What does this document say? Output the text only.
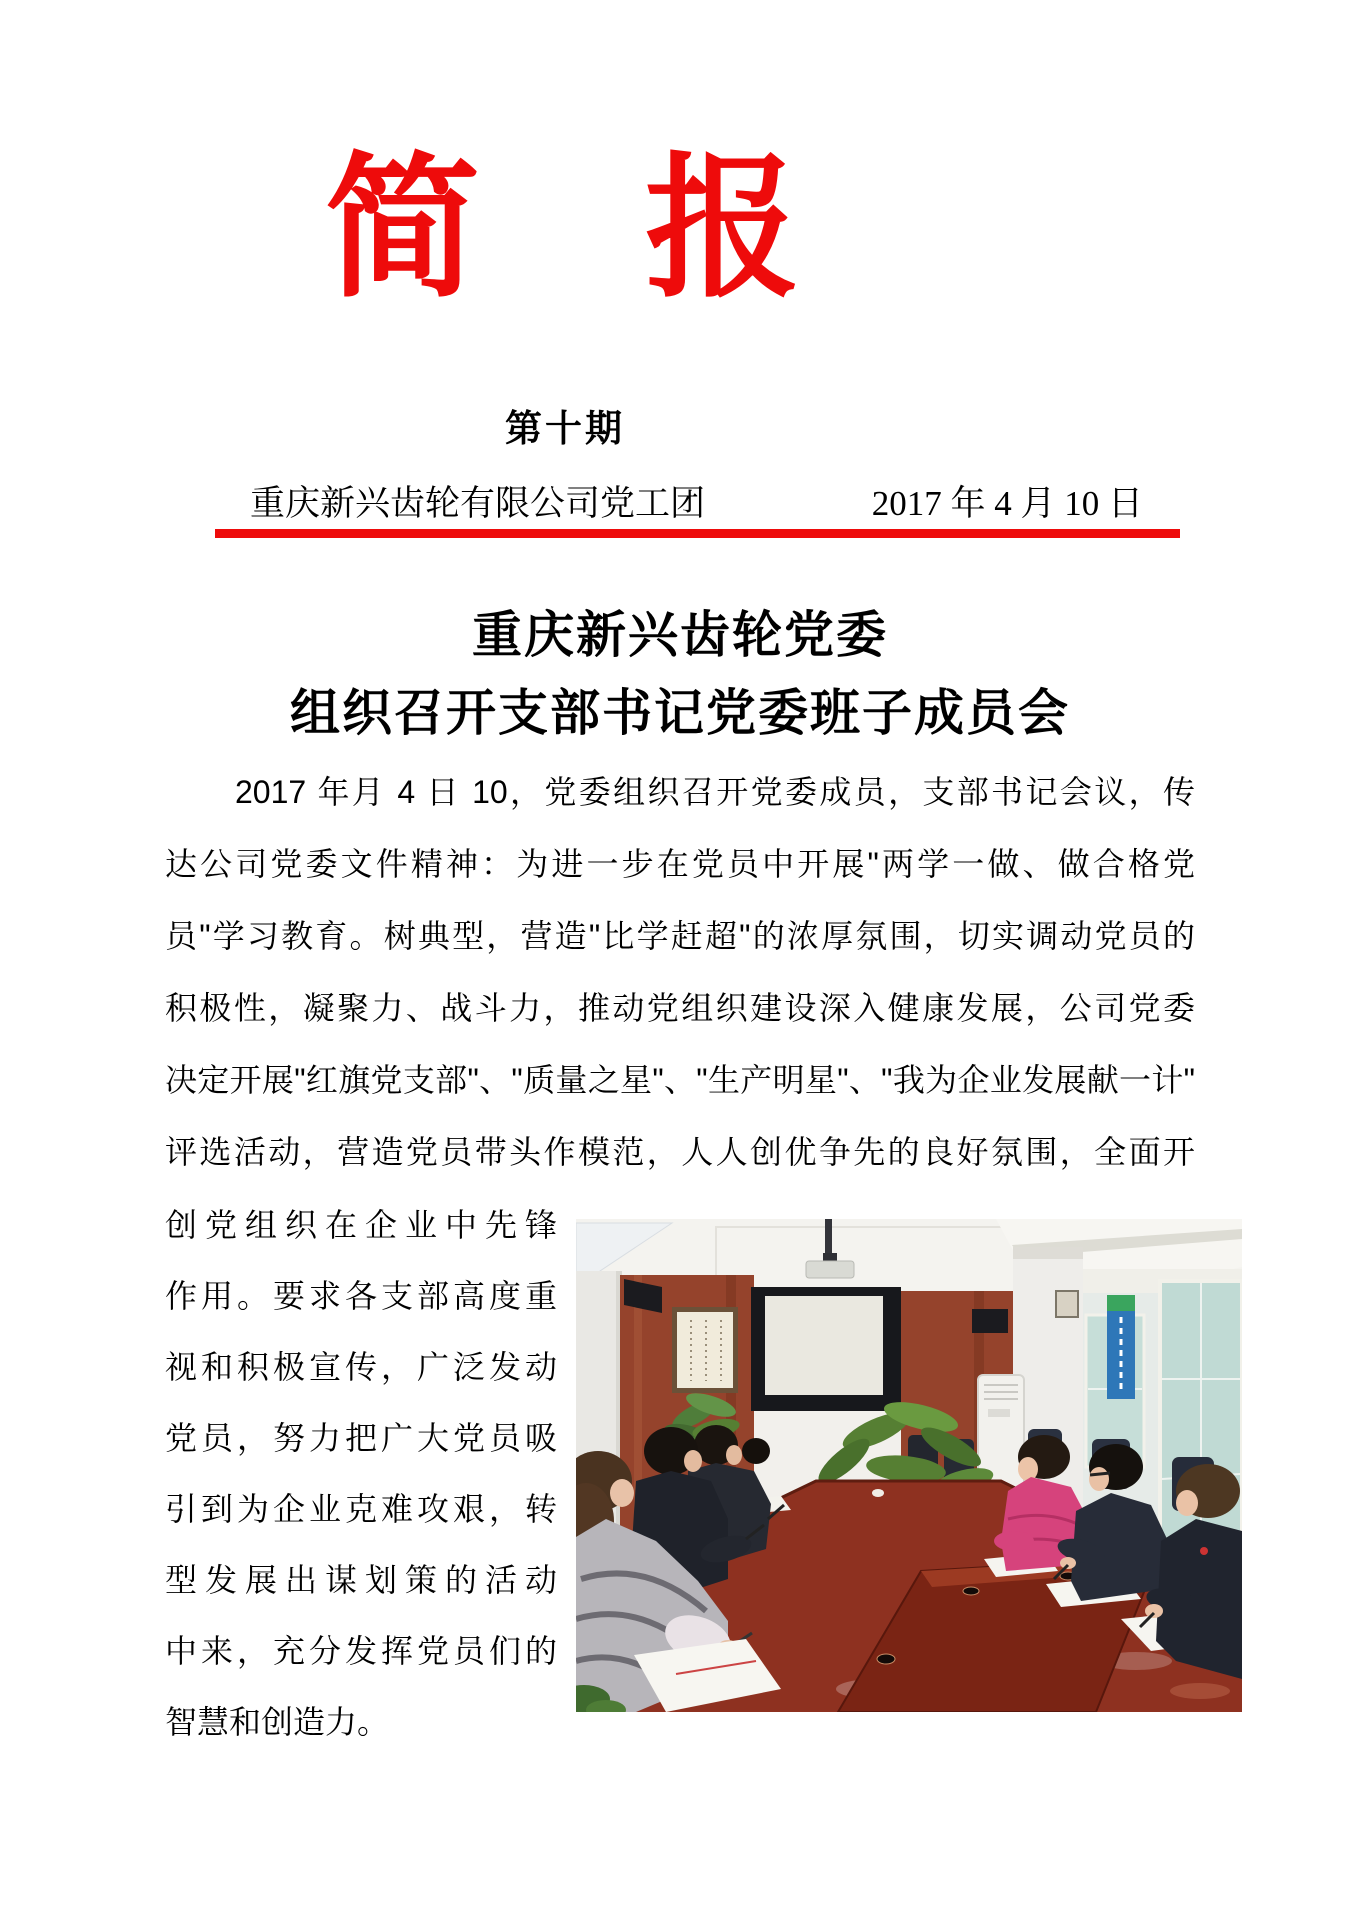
简 报
第十期
重庆新兴齿轮有限公司党工团	2017 年 4 月 10 日
重庆新兴齿轮党委
组织召开支部书记党委班子成员会
2017 年月 4 日 10，党委组织召开党委成员，支部书记会议，传
达公司党委文件精神：为进一步在党员中开展"两学一做、做合格党
员"学习教育。树典型，营造"比学赶超"的浓厚氛围，切实调动党员的
积极性，凝聚力、战斗力，推动党组织建设深入健康发展，公司党委
决定开展"红旗党支部"、"质量之星"、"生产明星"、"我为企业发展献一计"
评选活动，营造党员带头作模范，人人创优争先的良好氛围，全面开
创党组织在企业中先锋
作用。要求各支部高度重
视和积极宣传，广泛发动
党员，努力把广大党员吸
引到为企业克难攻艰，转
型发展出谋划策的活动
中来，充分发挥党员们的
智慧和创造力。
